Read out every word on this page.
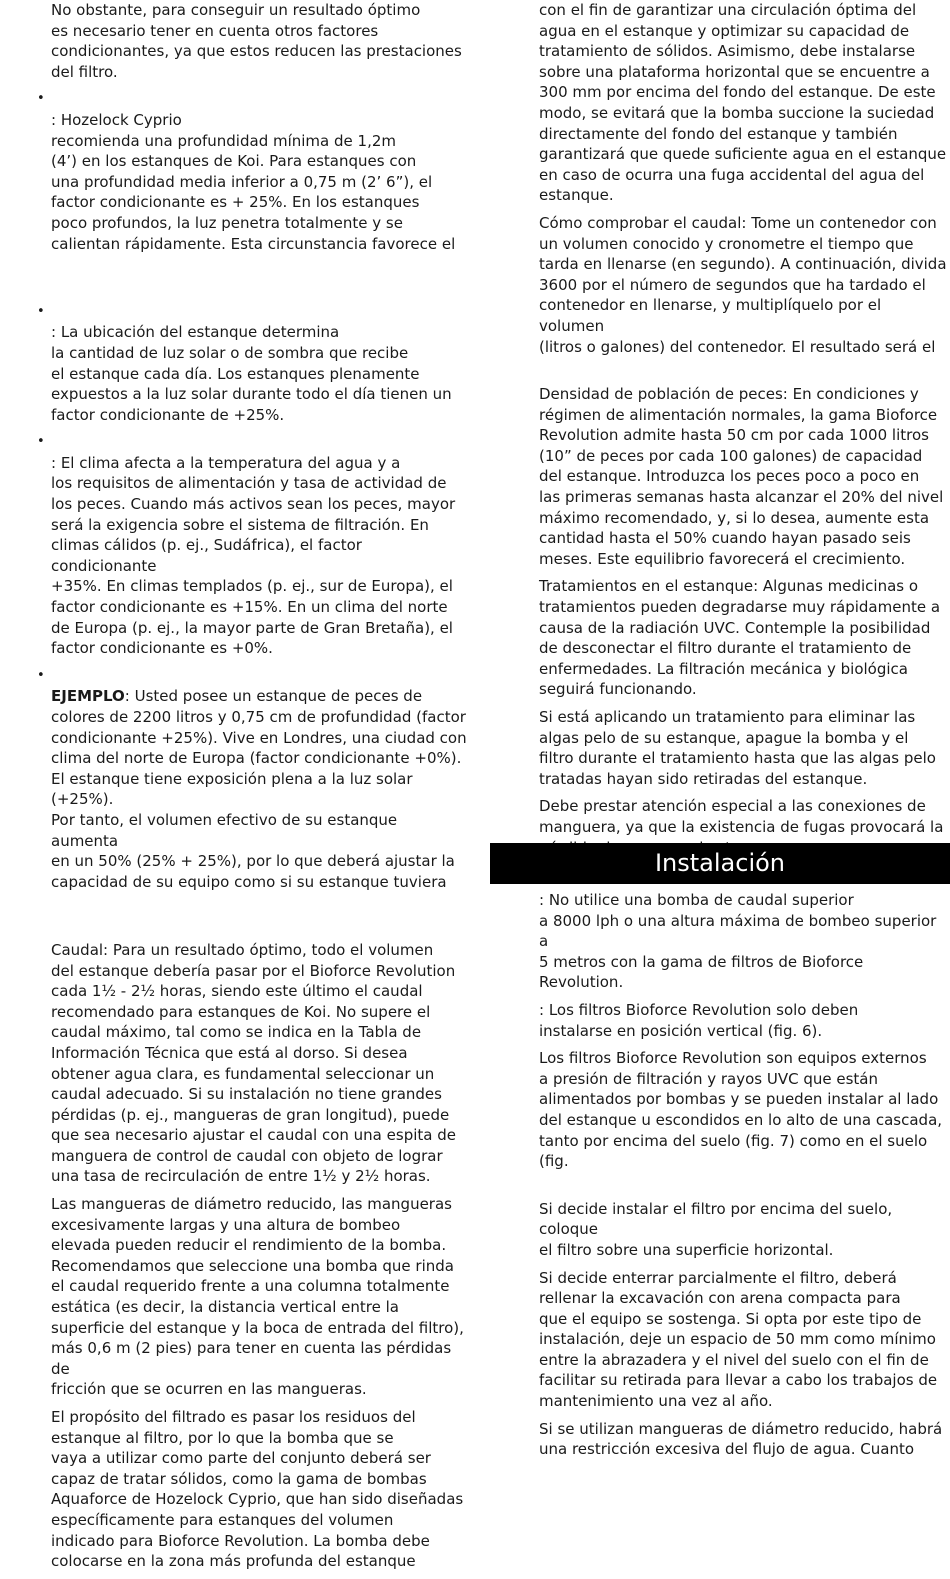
No obstante, para conseguir un resultado óptimo
es necesario tener en cuenta otros factores
condicionantes, ya que estos reducen las prestaciones
del filtro.

•
: Hozelock Cyprio
recomienda una profundidad mínima de 1,2m
(4’) en los estanques de Koi. Para estanques con
una profundidad media inferior a 0,75 m (2’ 6”), el
factor condicionante es + 25%. En los estanques
poco profundos, la luz penetra totalmente y se
calientan rápidamente. Esta circunstancia favorece el

•
: La ubicación del estanque determina
la cantidad de luz solar o de sombra que recibe
el estanque cada día. Los estanques plenamente
expuestos a la luz solar durante todo el día tienen un
factor condicionante de +25%.

•
: El clima afecta a la temperatura del agua y a
los requisitos de alimentación y tasa de actividad de
los peces. Cuando más activos sean los peces, mayor
será la exigencia sobre el sistema de filtración. En
climas cálidos (p. ej., Sudáfrica), el factor condicionante
+35%. En climas templados (p. ej., sur de Europa), el
factor condicionante es +15%. En un clima del norte
de Europa (p. ej., la mayor parte de Gran Bretaña), el
factor condicionante es +0%.

•
EJEMPLO: Usted posee un estanque de peces de
colores de 2200 litros y 0,75 cm de profundidad (factor
condicionante +25%). Vive en Londres, una ciudad con
clima del norte de Europa (factor condicionante +0%).
El estanque tiene exposición plena a la luz solar (+25%).
Por tanto, el volumen efectivo de su estanque aumenta
en un 50% (25% + 25%), por lo que deberá ajustar la
capacidad de su equipo como si su estanque tuviera

Caudal: Para un resultado óptimo, todo el volumen
del estanque debería pasar por el Bioforce Revolution
cada 1½ - 2½ horas, siendo este último el caudal
recomendado para estanques de Koi. No supere el
caudal máximo, tal como se indica en la Tabla de
Información Técnica que está al dorso. Si desea
obtener agua clara, es fundamental seleccionar un
caudal adecuado. Si su instalación no tiene grandes
pérdidas (p. ej., mangueras de gran longitud), puede
que sea necesario ajustar el caudal con una espita de
manguera de control de caudal con objeto de lograr
una tasa de recirculación de entre 1½ y 2½ horas.

Las mangueras de diámetro reducido, las mangueras
excesivamente largas y una altura de bombeo
elevada pueden reducir el rendimiento de la bomba.
Recomendamos que seleccione una bomba que rinda
el caudal requerido frente a una columna totalmente
estática (es decir, la distancia vertical entre la
superficie del estanque y la boca de entrada del filtro),
más 0,6 m (2 pies) para tener en cuenta las pérdidas de
fricción que se ocurren en las mangueras.

El propósito del filtrado es pasar los residuos del
estanque al filtro, por lo que la bomba que se
vaya a utilizar como parte del conjunto deberá ser
capaz de tratar sólidos, como la gama de bombas
Aquaforce de Hozelock Cyprio, que han sido diseñadas
específicamente para estanques del volumen
indicado para Bioforce Revolution. La bomba debe
colocarse en la zona más profunda del estanque

con el fin de garantizar una circulación óptima del
agua en el estanque y optimizar su capacidad de
tratamiento de sólidos. Asimismo, debe instalarse
sobre una plataforma horizontal que se encuentre a
300 mm por encima del fondo del estanque. De este
modo, se evitará que la bomba succione la suciedad
directamente del fondo del estanque y también
garantizará que quede suficiente agua en el estanque
en caso de ocurra una fuga accidental del agua del
estanque.

Cómo comprobar el caudal: Tome un contenedor con
un volumen conocido y cronometre el tiempo que
tarda en llenarse (en segundo). A continuación, divida
3600 por el número de segundos que ha tardado el
contenedor en llenarse, y multiplíquelo por el volumen
(litros o galones) del contenedor. El resultado será el

Densidad de población de peces: En condiciones y
régimen de alimentación normales, la gama Bioforce
Revolution admite hasta 50 cm por cada 1000 litros
(10” de peces por cada 100 galones) de capacidad
del estanque. Introduzca los peces poco a poco en
las primeras semanas hasta alcanzar el 20% del nivel
máximo recomendado, y, si lo desea, aumente esta
cantidad hasta el 50% cuando hayan pasado seis
meses. Este equilibrio favorecerá el crecimiento.

Tratamientos en el estanque: Algunas medicinas o
tratamientos pueden degradarse muy rápidamente a
causa de la radiación UVC. Contemple la posibilidad
de desconectar el filtro durante el tratamiento de
enfermedades. La filtración mecánica y biológica
seguirá funcionando.

Si está aplicando un tratamiento para eliminar las
algas pelo de su estanque, apague la bomba y el
filtro durante el tratamiento hasta que las algas pelo
tratadas hayan sido retiradas del estanque.

Debe prestar atención especial a las conexiones de
manguera, ya que la existencia de fugas provocará la

Instalación

: No utilice una bomba de caudal superior
a 8000 lph o una altura máxima de bombeo superior a
5 metros con la gama de filtros de Bioforce Revolution.

: Los filtros Bioforce Revolution solo deben
instalarse en posición vertical (fig. 6).

Los filtros Bioforce Revolution son equipos externos
a presión de filtración y rayos UVC que están
alimentados por bombas y se pueden instalar al lado
del estanque u escondidos en lo alto de una cascada,
tanto por encima del suelo (fig. 7) como en el suelo (fig.

Si decide instalar el filtro por encima del suelo, coloque
el filtro sobre una superficie horizontal.

Si decide enterrar parcialmente el filtro, deberá
rellenar la excavación con arena compacta para
que el equipo se sostenga. Si opta por este tipo de
instalación, deje un espacio de 50 mm como mínimo
entre la abrazadera y el nivel del suelo con el fin de
facilitar su retirada para llevar a cabo los trabajos de
mantenimiento una vez al año.

Si se utilizan mangueras de diámetro reducido, habrá
una restricción excesiva del flujo de agua. Cuanto
